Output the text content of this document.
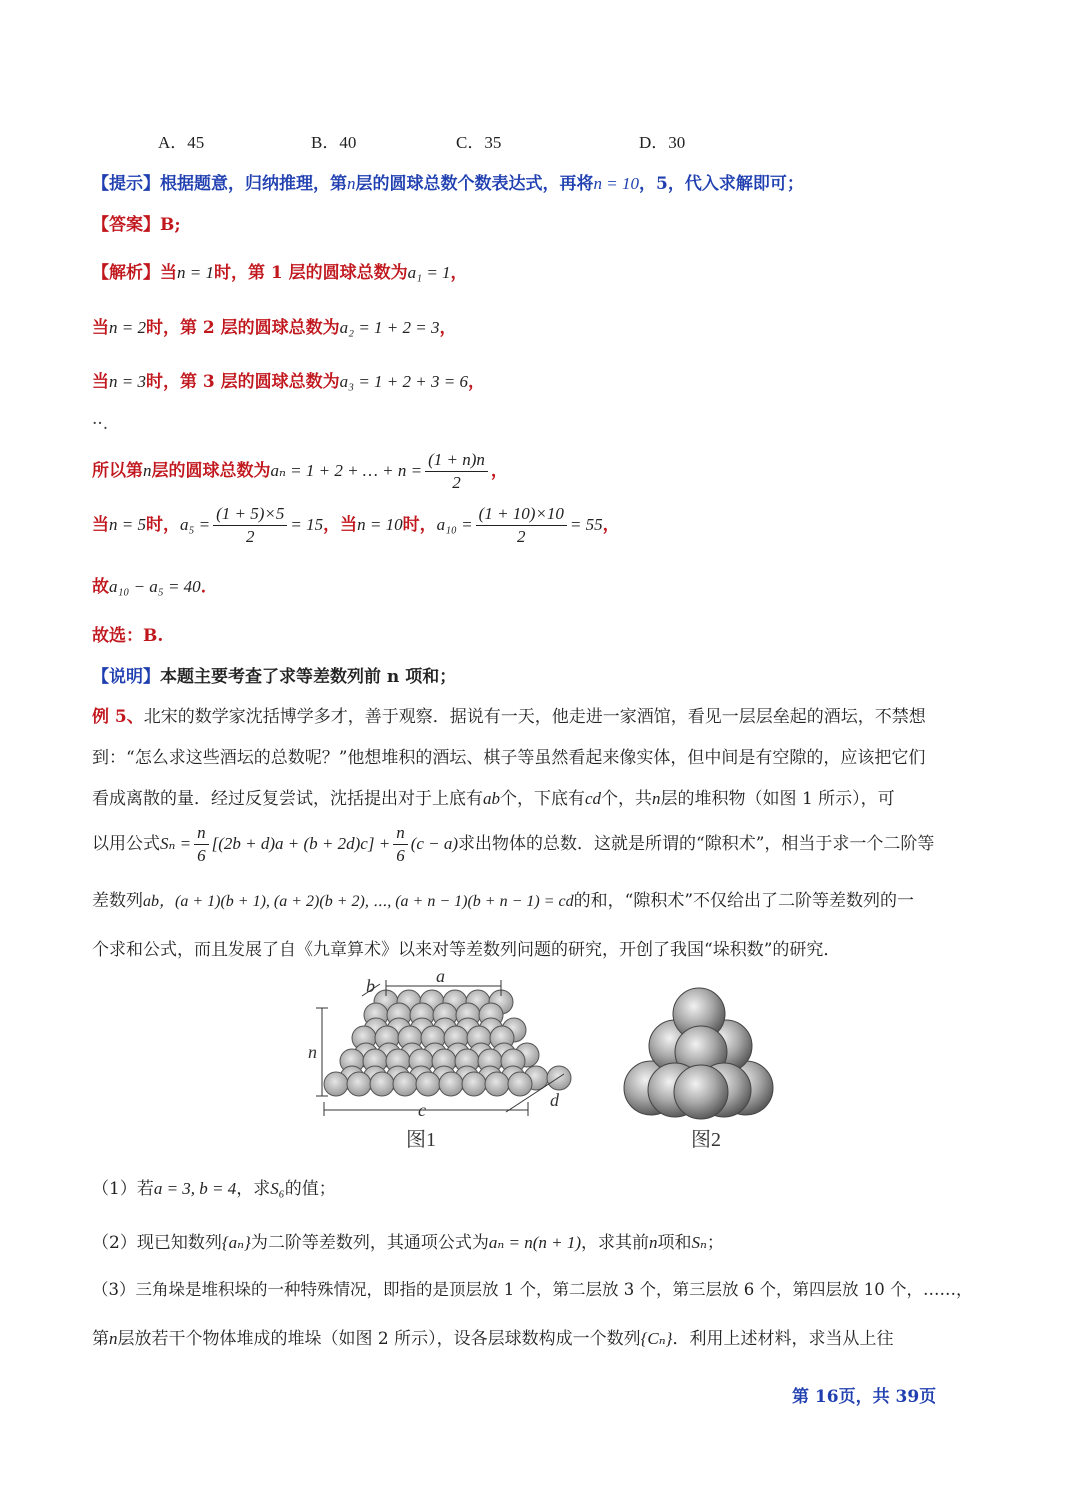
A．45	B．40	C．35	D．30
【提示】根据题意，归纳推理，第n层的圆球总数个数表达式，再将n = 10，5，代入求解即可；
【答案】B;
【解析】当n = 1时，第 1 层的圆球总数为a₁ = 1，
当n = 2时，第 2 层的圆球总数为a₂ = 1 + 2 = 3，
当n = 3时，第 3 层的圆球总数为a₃ = 1 + 2 + 3 = 6，
··.
所以第n层的圆球总数为aₙ = 1 + 2 + … + $n = \frac{(1 + n)n}{2}$ ，
当n = 5时，$a_5 = \frac{(1 + 5)\times 5}{2} = 15$，当n = 10时，$a_{10} = \frac{(1 + 10)\times 10}{2} = 55$，
故a₁₀ − a₅ = 40．
故选：B.
【说明】本题主要考查了求等差数列前 n 项和；
例 5、北宋的数学家沈括博学多才，善于观察．据说有一天，他走进一家酒馆，看见一层层垒起的酒坛，不禁想
到：“怎么求这些酒坛的总数呢？”他想堆积的酒坛、棋子等虽然看起来像实体，但中间是有空隙的，应该把它们
看成离散的量．经过反复尝试，沈括提出对于上底有ab个，下底有cd个，共n层的堆积物（如图 1 所示），可
以用公式$S_n = \frac{n}{6} [(2b + d)a + (b + 2d)c] + \frac{n}{6} (c - a)$求出物体的总数．这就是所谓的“隙积术”，相当于求一个二阶等
差数列ab，(a + 1)(b + 1), (a + 2)(b + 2), ⋯, (a + n − 1)(b + n − 1) = cd的和，“隙积术”不仅给出了二阶等差数列的一
个求和公式，而且发展了自《九章算术》以来对等差数列问题的研究，开创了我国“垛积数”的研究．
a
b
n
c	d
图1	图2
（1）若a = 3, b = 4，求S₆的值；
（2）现已知数列{aₙ}为二阶等差数列，其通项公式为aₙ = n(n + 1)，求其前n项和Sₙ；
（3）三角垛是堆积垛的一种特殊情况，即指的是顶层放 1 个，第二层放 3 个，第三层放 6 个，第四层放 10 个，……，
第n层放若干个物体堆成的堆垛（如图 2 所示），设各层球数构成一个数列{Cₙ}．利用上述材料，求当从上往
第 16页，共 39页
